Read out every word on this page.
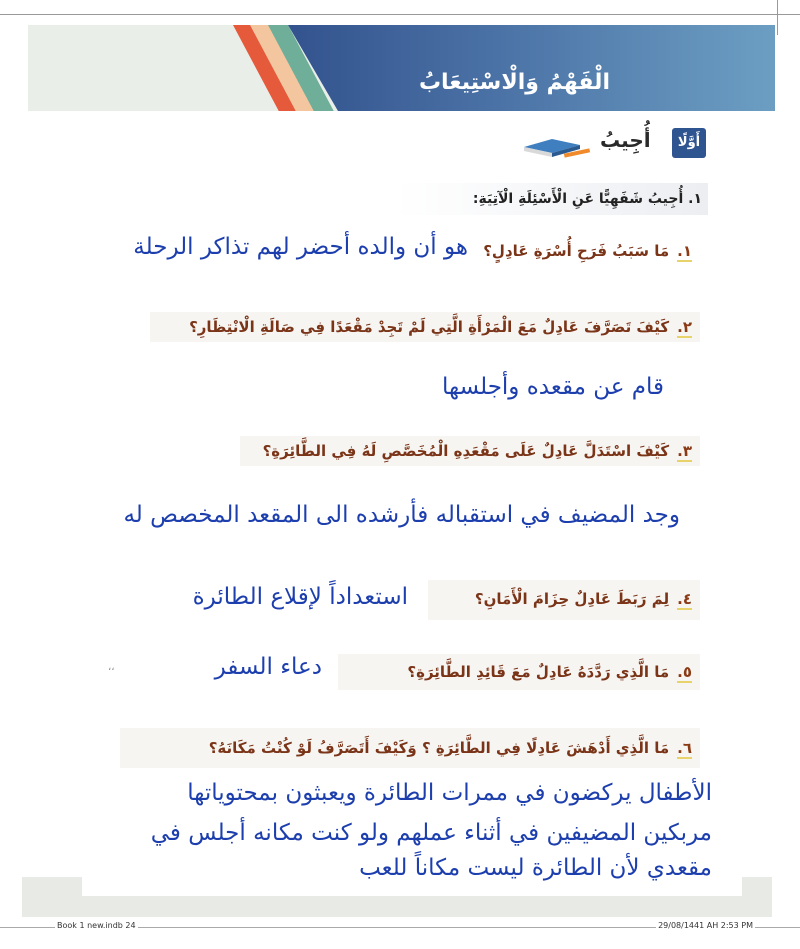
الْفَهْمُ وَالْاسْتِيعَابُ
أَوَّلًا
أُجِيبُ
١. أُجِيبُ شَفَهِيًّا عَنِ الْأَسْئِلَةِ الْآتِيَةِ:
١.مَا سَبَبُ فَرَحِ أُسْرَةِ عَادِلٍ؟
هو أن والده أحضر لهم تذاكر الرحلة
٢.كَيْفَ تَصَرَّفَ عَادِلٌ مَعَ الْمَرْأَةِ الَّتِي لَمْ تَجِدْ مَقْعَدًا فِي صَالَةِ الْانْتِظَارِ؟
قام عن مقعده وأجلسها
٣.كَيْفَ اسْتَدَلَّ عَادِلٌ عَلَى مَقْعَدِهِ الْمُخَصَّصِ لَهُ فِي الطَّائِرَةِ؟
وجد المضيف في استقباله فأرشده الى المقعد المخصص له
٤.لِمَ رَبَطَ عَادِلٌ حِزَامَ الْأَمَانِ؟
استعداداً لإقلاع الطائرة
٥.مَا الَّذِي رَدَّدَهُ عَادِلٌ مَعَ قَائِدِ الطَّائِرَةِ؟
دعاء السفر
،،
٦.مَا الَّذِي أَدْهَشَ عَادِلًا فِي الطَّائِرَةِ ؟ وَكَيْفَ أَتَصَرَّفُ لَوْ كُنْتُ مَكَانَهُ؟
الأطفال يركضون في ممرات الطائرة ويعبثون بمحتوياتها
مربكين المضيفين في أثناء عملهم ولو كنت مكانه أجلس في
مقعدي لأن الطائرة ليست مكاناً للعب
Book 1 new.indb 24	29/08/1441 AH 2:53 PM
